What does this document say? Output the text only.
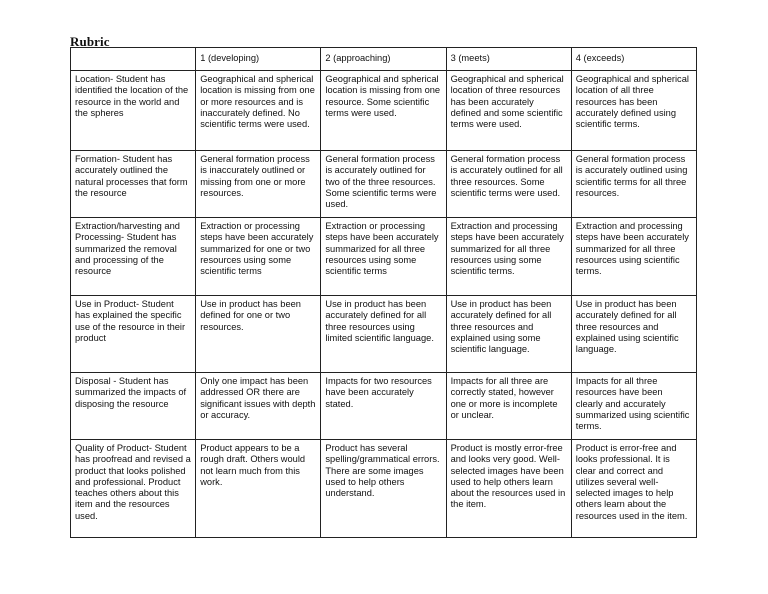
Rubric
	1 (developing)	2 (approaching)	3 (meets)	4 (exceeds)
Location- Student has identified the location of the resource in the world and the spheres	Geographical and spherical location is missing from one or more resources and is inaccurately defined. No scientific terms were used.	Geographical and spherical location is missing from one resource. Some scientific terms were used.	Geographical and spherical location of three resources has been accurately defined and some scientific terms were used.	Geographical and spherical location of all three resources has been accurately defined using scientific terms.
Formation- Student has accurately outlined the natural processes that form the resource	General formation process is inaccurately outlined or missing from one or more resources.	General formation process is accurately outlined for two of the three resources. Some scientific terms were used.	General formation process is accurately outlined for all three resources. Some scientific terms were used.	General formation process is accurately outlined using scientific terms for all three resources.
Extraction/harvesting and Processing- Student has summarized the removal and processing of the resource	Extraction or processing steps have been accurately summarized for one or two resources using some scientific terms	Extraction or processing steps have been accurately summarized for all three resources using some scientific terms	Extraction and processing steps have been accurately summarized for all three resources using some scientific terms.	Extraction and processing steps have been accurately summarized for all three resources using scientific terms.
Use in Product- Student has explained the specific use of the resource in their product	Use in product has been defined for one or two resources.	Use in product has been accurately defined for all three resources using limited scientific language.	Use in product has been accurately defined for all three resources and explained using some scientific language.	Use in product has been accurately defined for all three resources and explained using scientific language.
Disposal - Student has summarized the impacts of disposing the resource	Only one impact has been addressed OR there are significant issues with depth or accuracy.	Impacts for two resources have been accurately stated.	Impacts for all three are correctly stated, however one or more is incomplete or unclear.	Impacts for all three resources have been clearly and accurately summarized using scientific terms.
Quality of Product- Student has proofread and revised a product that looks polished and professional. Product teaches others about this item and the resources used.	Product appears to be a rough draft. Others would not learn much from this work.	Product has several spelling/grammatical errors. There are some images used to help others understand.	Product is mostly error-free and looks very good. Well-selected images have been used to help others learn about the resources used in the item.	Product is error-free and looks professional. It is clear and correct and utilizes several well-selected images to help others learn about the resources used in the item.
